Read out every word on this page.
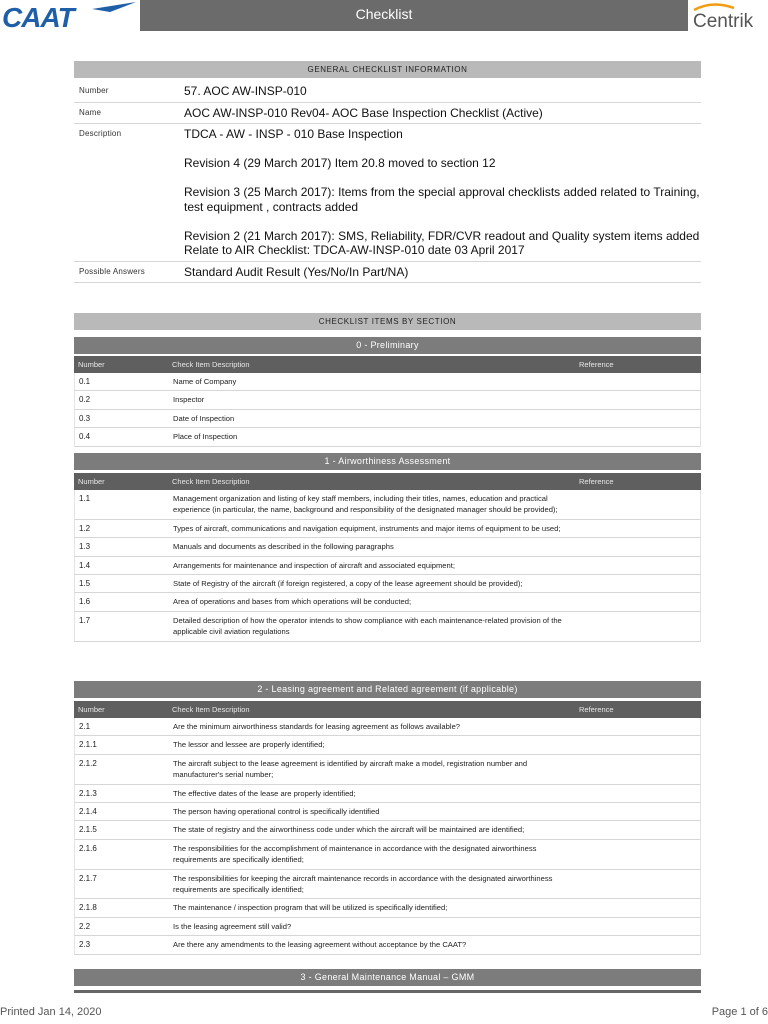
CAAT	Checklist	Centrik
GENERAL CHECKLIST INFORMATION
Number	57. AOC AW-INSP-010

Name	AOC AW-INSP-010 Rev04- AOC Base Inspection Checklist (Active)

Description	TDCA - AW - INSP - 010 Base Inspection

Revision 4 (29 March 2017) Item 20.8 moved to section 12

Revision 3 (25 March 2017): Items from the special approval checklists added related to Training, test equipment , contracts added

Revision 2 (21 March 2017): SMS, Reliability, FDR/CVR readout and Quality system items added
Relate to AIR Checklist: TDCA-AW-INSP-010 date 03 April 2017

Possible Answers	Standard Audit Result (Yes/No/In Part/NA)

CHECKLIST ITEMS BY SECTION
0 - Preliminary
Number	Check Item Description	Reference
0.1	Name of Company
0.2	Inspector
0.3	Date of Inspection
0.4	Place of Inspection
1 - Airworthiness Assessment
Number	Check Item Description	Reference
1.1	Management organization and listing of key staff members, including their titles, names, education and practical experience (in particular, the name, background and responsibility of the designated manager should be provided);
1.2	Types of aircraft, communications and navigation equipment, instruments and major items of equipment to be used;
1.3	Manuals and documents as described in the following paragraphs
1.4	Arrangements for maintenance and inspection of aircraft and associated equipment;
1.5	State of Registry of the aircraft (if foreign registered, a copy of the lease agreement should be provided);
1.6	Area of operations and bases from which operations will be conducted;
1.7	Detailed description of how the operator intends to show compliance with each maintenance-related provision of the applicable civil aviation regulations
2 - Leasing agreement and Related agreement (if applicable)
Number	Check Item Description	Reference
2.1	Are the minimum airworthiness standards for leasing agreement as follows available?
2.1.1	The lessor and lessee are properly identified;
2.1.2	The aircraft subject to the lease agreement is identified by aircraft make a model, registration number and manufacturer's serial number;
2.1.3	The effective dates of the lease are properly identified;
2.1.4	The person having operational control is specifically identified
2.1.5	The state of registry and the airworthiness code under which the aircraft will be maintained are identified;
2.1.6	The responsibilities for the accomplishment of maintenance in accordance with the designated airworthiness requirements are specifically identified;
2.1.7	The responsibilities for keeping the aircraft maintenance records in accordance with the designated airworthiness requirements are specifically identified;
2.1.8	The maintenance / inspection program that will be utilized is specifically identified;
2.2	Is the leasing agreement still valid?
2.3	Are there any amendments to the leasing agreement without acceptance by the CAAT?
3 - General Maintenance Manual – GMM
Printed Jan 14, 2020	Page 1 of 6
